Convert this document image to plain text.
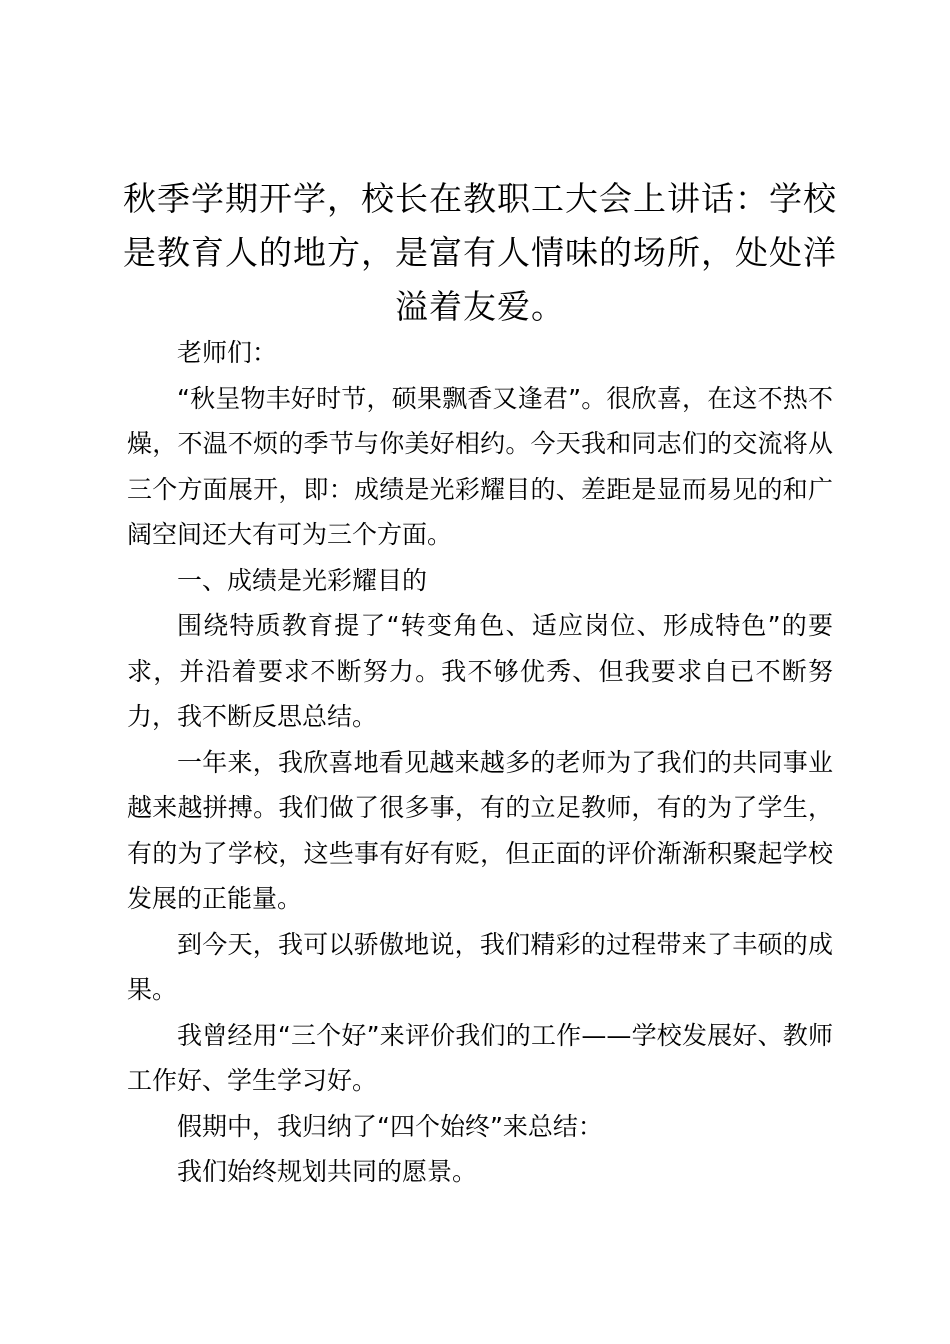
秋季学期开学，校长在教职工大会上讲话：学校是教育人的地方，是富有人情味的场所，处处洋溢着友爱。

老师们：

“秋呈物丰好时节，硕果飘香又逢君”。很欣喜，在这不热不燥，不温不烦的季节与你美好相约。今天我和同志们的交流将从三个方面展开，即：成绩是光彩耀目的、差距是显而易见的和广阔空间还大有可为三个方面。

一、成绩是光彩耀目的

围绕特质教育提了“转变角色、适应岗位、形成特色”的要求，并沿着要求不断努力。我不够优秀、但我要求自已不断努力，我不断反思总结。

一年来，我欣喜地看见越来越多的老师为了我们的共同事业越来越拼搏。我们做了很多事，有的立足教师，有的为了学生，有的为了学校，这些事有好有贬，但正面的评价渐渐积聚起学校发展的正能量。

到今天，我可以骄傲地说，我们精彩的过程带来了丰硕的成果。

我曾经用“三个好”来评价我们的工作——学校发展好、教师工作好、学生学习好。

假期中，我归纳了“四个始终”来总结：

我们始终规划共同的愿景。
